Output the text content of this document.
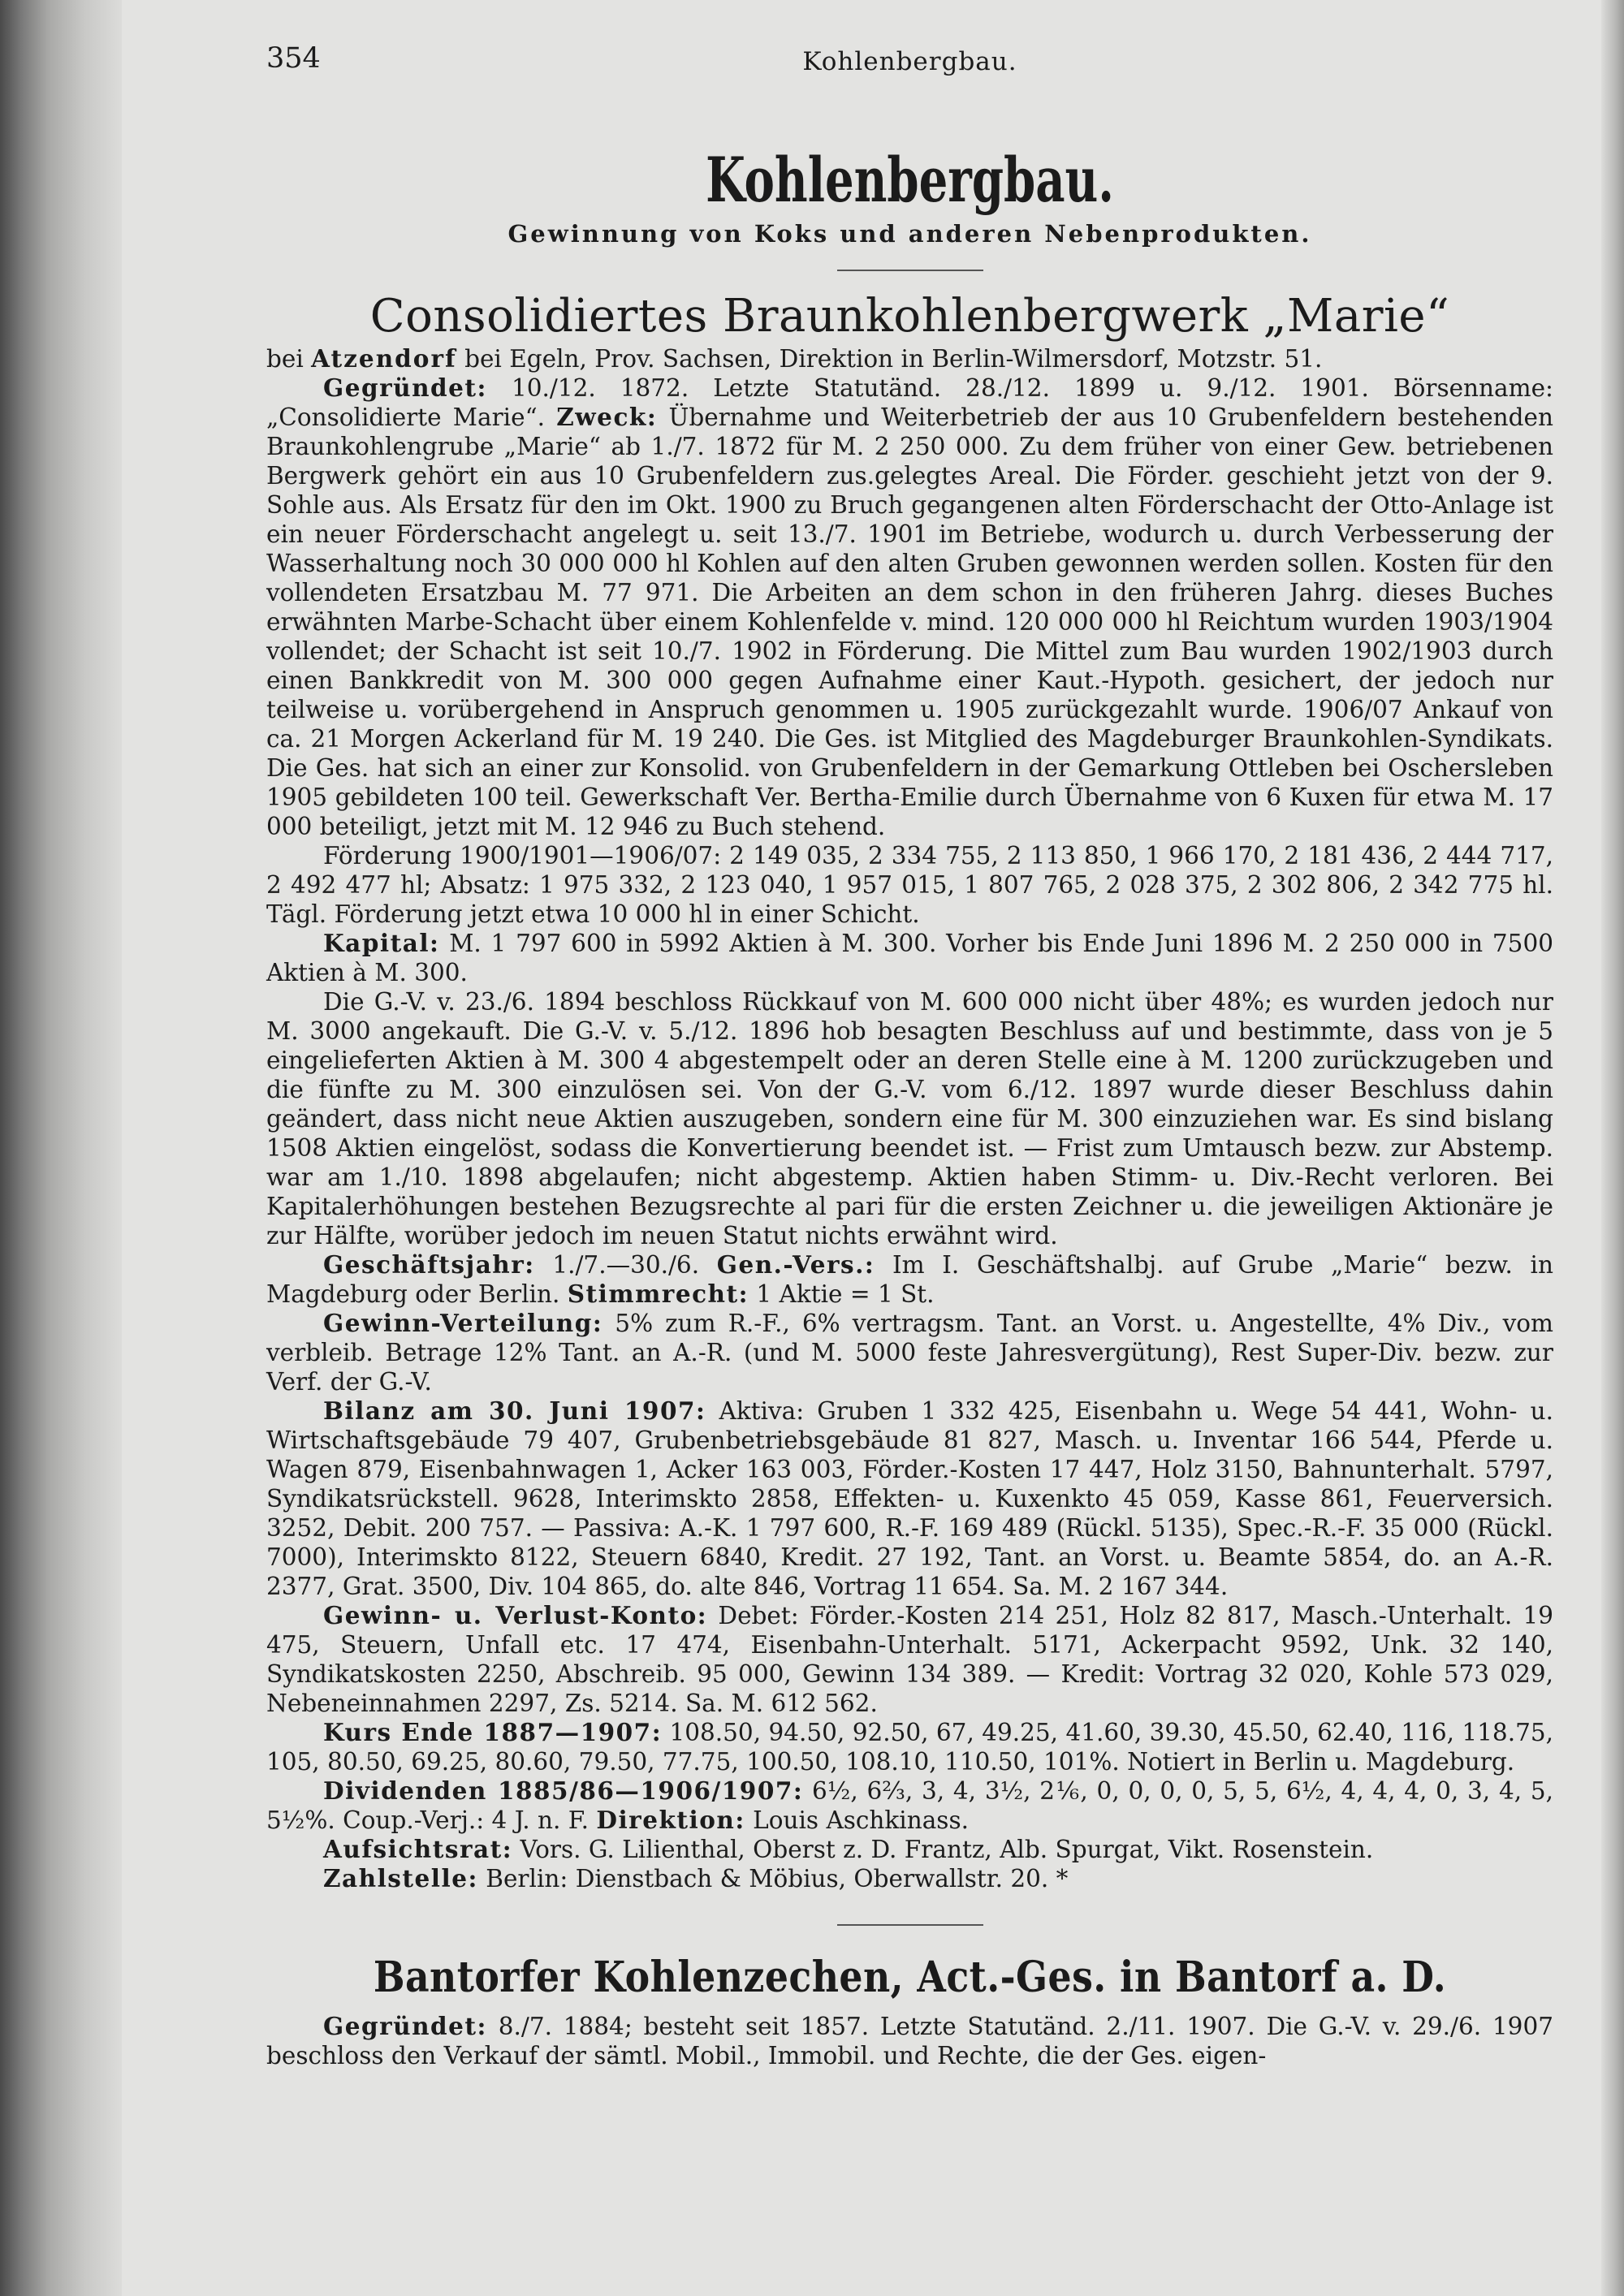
354	Kohlenbergbau.
Kohlenbergbau.
Gewinnung von Koks und anderen Nebenprodukten.
Consolidiertes Braunkohlenbergwerk „Marie“
bei Atzendorf bei Egeln, Prov. Sachsen, Direktion in Berlin-Wilmersdorf, Motzstr. 51.

Gegründet: 10./12. 1872. Letzte Statutänd. 28./12. 1899 u. 9./12. 1901. Börsenname: „Consolidierte Marie“. Zweck: Übernahme und Weiterbetrieb der aus 10 Grubenfeldern bestehenden Braunkohlengrube „Marie“ ab 1./7. 1872 für M. 2 250 000. Zu dem früher von einer Gew. betriebenen Bergwerk gehört ein aus 10 Grubenfeldern zus.gelegtes Areal. Die Förder. geschieht jetzt von der 9. Sohle aus. Als Ersatz für den im Okt. 1900 zu Bruch gegangenen alten Förderschacht der Otto-Anlage ist ein neuer Förderschacht angelegt u. seit 13./7. 1901 im Betriebe, wodurch u. durch Verbesserung der Wasserhaltung noch 30 000 000 hl Kohlen auf den alten Gruben gewonnen werden sollen. Kosten für den vollendeten Ersatzbau M. 77 971. Die Arbeiten an dem schon in den früheren Jahrg. dieses Buches erwähnten Marbe-Schacht über einem Kohlenfelde v. mind. 120 000 000 hl Reichtum wurden 1903/1904 vollendet; der Schacht ist seit 10./7. 1902 in Förderung. Die Mittel zum Bau wurden 1902/1903 durch einen Bankkredit von M. 300 000 gegen Aufnahme einer Kaut.-Hypoth. gesichert, der jedoch nur teilweise u. vorübergehend in Anspruch genommen u. 1905 zurückgezahlt wurde. 1906/07 Ankauf von ca. 21 Morgen Ackerland für M. 19 240. Die Ges. ist Mitglied des Magdeburger Braunkohlen-Syndikats. Die Ges. hat sich an einer zur Konsolid. von Grubenfeldern in der Gemarkung Ottleben bei Oschersleben 1905 gebildeten 100 teil. Gewerkschaft Ver. Bertha-Emilie durch Übernahme von 6 Kuxen für etwa M. 17 000 beteiligt, jetzt mit M. 12 946 zu Buch stehend.

Förderung 1900/1901—1906/07: 2 149 035, 2 334 755, 2 113 850, 1 966 170, 2 181 436, 2 444 717, 2 492 477 hl; Absatz: 1 975 332, 2 123 040, 1 957 015, 1 807 765, 2 028 375, 2 302 806, 2 342 775 hl. Tägl. Förderung jetzt etwa 10 000 hl in einer Schicht.

Kapital: M. 1 797 600 in 5992 Aktien à M. 300. Vorher bis Ende Juni 1896 M. 2 250 000 in 7500 Aktien à M. 300.

Die G.-V. v. 23./6. 1894 beschloss Rückkauf von M. 600 000 nicht über 48%; es wurden jedoch nur M. 3000 angekauft. Die G.-V. v. 5./12. 1896 hob besagten Beschluss auf und bestimmte, dass von je 5 eingelieferten Aktien à M. 300 4 abgestempelt oder an deren Stelle eine à M. 1200 zurückzugeben und die fünfte zu M. 300 einzulösen sei. Von der G.-V. vom 6./12. 1897 wurde dieser Beschluss dahin geändert, dass nicht neue Aktien auszugeben, sondern eine für M. 300 einzuziehen war. Es sind bislang 1508 Aktien eingelöst, sodass die Konvertierung beendet ist. — Frist zum Umtausch bezw. zur Abstemp. war am 1./10. 1898 abgelaufen; nicht abgestemp. Aktien haben Stimm- u. Div.-Recht verloren. Bei Kapitalerhöhungen bestehen Bezugsrechte al pari für die ersten Zeichner u. die jeweiligen Aktionäre je zur Hälfte, worüber jedoch im neuen Statut nichts erwähnt wird.

Geschäftsjahr: 1./7.—30./6. Gen.-Vers.: Im I. Geschäftshalbj. auf Grube „Marie“ bezw. in Magdeburg oder Berlin. Stimmrecht: 1 Aktie = 1 St.

Gewinn-Verteilung: 5% zum R.-F., 6% vertragsm. Tant. an Vorst. u. Angestellte, 4% Div., vom verbleib. Betrage 12% Tant. an A.-R. (und M. 5000 feste Jahresvergütung), Rest Super-Div. bezw. zur Verf. der G.-V.

Bilanz am 30. Juni 1907: Aktiva: Gruben 1 332 425, Eisenbahn u. Wege 54 441, Wohn- u. Wirtschaftsgebäude 79 407, Grubenbetriebsgebäude 81 827, Masch. u. Inventar 166 544, Pferde u. Wagen 879, Eisenbahnwagen 1, Acker 163 003, Förder.-Kosten 17 447, Holz 3150, Bahnunterhalt. 5797, Syndikatsrückstell. 9628, Interimskto 2858, Effekten- u. Kuxenkto 45 059, Kasse 861, Feuerversich. 3252, Debit. 200 757. — Passiva: A.-K. 1 797 600, R.-F. 169 489 (Rückl. 5135), Spec.-R.-F. 35 000 (Rückl. 7000), Interimskto 8122, Steuern 6840, Kredit. 27 192, Tant. an Vorst. u. Beamte 5854, do. an A.-R. 2377, Grat. 3500, Div. 104 865, do. alte 846, Vortrag 11 654. Sa. M. 2 167 344.

Gewinn- u. Verlust-Konto: Debet: Förder.-Kosten 214 251, Holz 82 817, Masch.-Unterhalt. 19 475, Steuern, Unfall etc. 17 474, Eisenbahn-Unterhalt. 5171, Ackerpacht 9592, Unk. 32 140, Syndikatskosten 2250, Abschreib. 95 000, Gewinn 134 389. — Kredit: Vortrag 32 020, Kohle 573 029, Nebeneinnahmen 2297, Zs. 5214. Sa. M. 612 562.

Kurs Ende 1887—1907: 108.50, 94.50, 92.50, 67, 49.25, 41.60, 39.30, 45.50, 62.40, 116, 118.75, 105, 80.50, 69.25, 80.60, 79.50, 77.75, 100.50, 108.10, 110.50, 101%. Notiert in Berlin u. Magdeburg.

Dividenden 1885/86—1906/1907: 6½, 6⅔, 3, 4, 3½, 2⅙, 0, 0, 0, 0, 5, 5, 6½, 4, 4, 4, 0, 3, 4, 5, 5½%. Coup.-Verj.: 4 J. n. F. Direktion: Louis Aschkinass.

Aufsichtsrat: Vors. G. Lilienthal, Oberst z. D. Frantz, Alb. Spurgat, Vikt. Rosenstein.

Zahlstelle: Berlin: Dienstbach & Möbius, Oberwallstr. 20. *

Bantorfer Kohlenzechen, Act.-Ges. in Bantorf a. D.

Gegründet: 8./7. 1884; besteht seit 1857. Letzte Statutänd. 2./11. 1907. Die G.-V. v. 29./6. 1907 beschloss den Verkauf der sämtl. Mobil., Immobil. und Rechte, die der Ges. eigen-
